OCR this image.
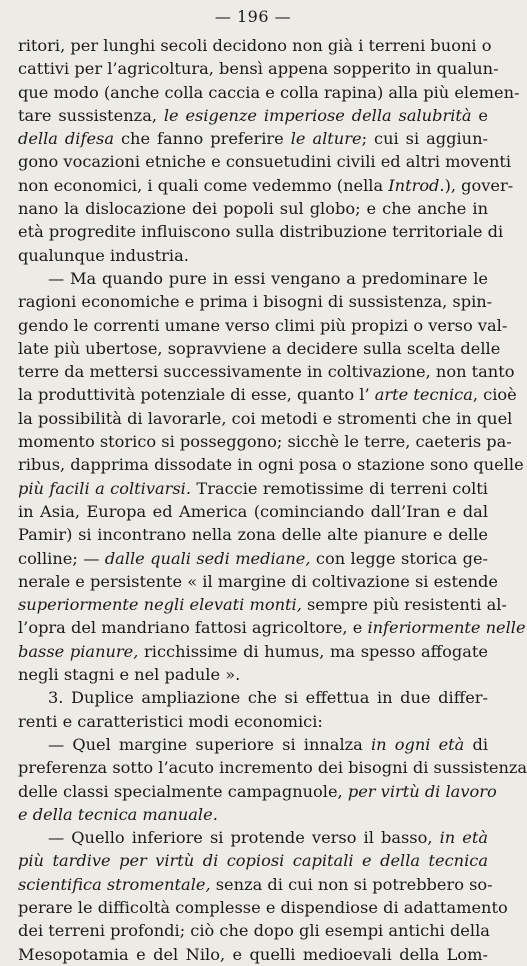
— 196 —
ritori, per lunghi secoli decidono non già i terreni buoni o
cattivi per l’agricoltura, bensì appena sopperito in qualun-
que modo (anche colla caccia e colla rapina) alla più elemen-
tare sussistenza, le esigenze imperiose della salubrità e
della difesa che fanno preferire le alture; cui si aggiun-
gono vocazioni etniche e consuetudini civili ed altri moventi
non economici, i quali come vedemmo (nella Introd.), gover-
nano la dislocazione dei popoli sul globo; e che anche in
età progredite influiscono sulla distribuzione territoriale di
qualunque industria.
— Ma quando pure in essi vengano a predominare le
ragioni economiche e prima i bisogni di sussistenza, spin-
gendo le correnti umane verso climi più propizi o verso val-
late più ubertose, sopravviene a decidere sulla scelta delle
terre da mettersi successivamente in coltivazione, non tanto
la produttività potenziale di esse, quanto l’ arte tecnica, cioè
la possibilità di lavorarle, coi metodi e stromenti che in quel
momento storico si posseggono; sicchè le terre, caeteris pa-
ribus, dapprima dissodate in ogni posa o stazione sono quelle
più facili a coltivarsi. Traccie remotissime di terreni colti
in Asia, Europa ed America (cominciando dall’Iran e dal
Pamir) si incontrano nella zona delle alte pianure e delle
colline; — dalle quali sedi mediane, con legge storica ge-
nerale e persistente « il margine di coltivazione si estende
superiormente negli elevati monti, sempre più resistenti al-
l’opra del mandriano fattosi agricoltore, e inferiormente nelle
basse pianure, ricchissime di humus, ma spesso affogate
negli stagni e nel padule ».
3. Duplice ampliazione che si effettua in due differ-
renti e caratteristici modi economici:
— Quel margine superiore si innalza in ogni età di
preferenza sotto l’acuto incremento dei bisogni di sussistenza
delle classi specialmente campagnuole, per virtù di lavoro
e della tecnica manuale.
— Quello inferiore si protende verso il basso, in età
più tardive per virtù di copiosi capitali e della tecnica
scientifica stromentale, senza di cui non si potrebbero so-
perare le difficoltà complesse e dispendiose di adattamento
dei terreni profondi; ciò che dopo gli esempi antichi della
Mesopotamia e del Nilo, e quelli medioevali della Lom-
